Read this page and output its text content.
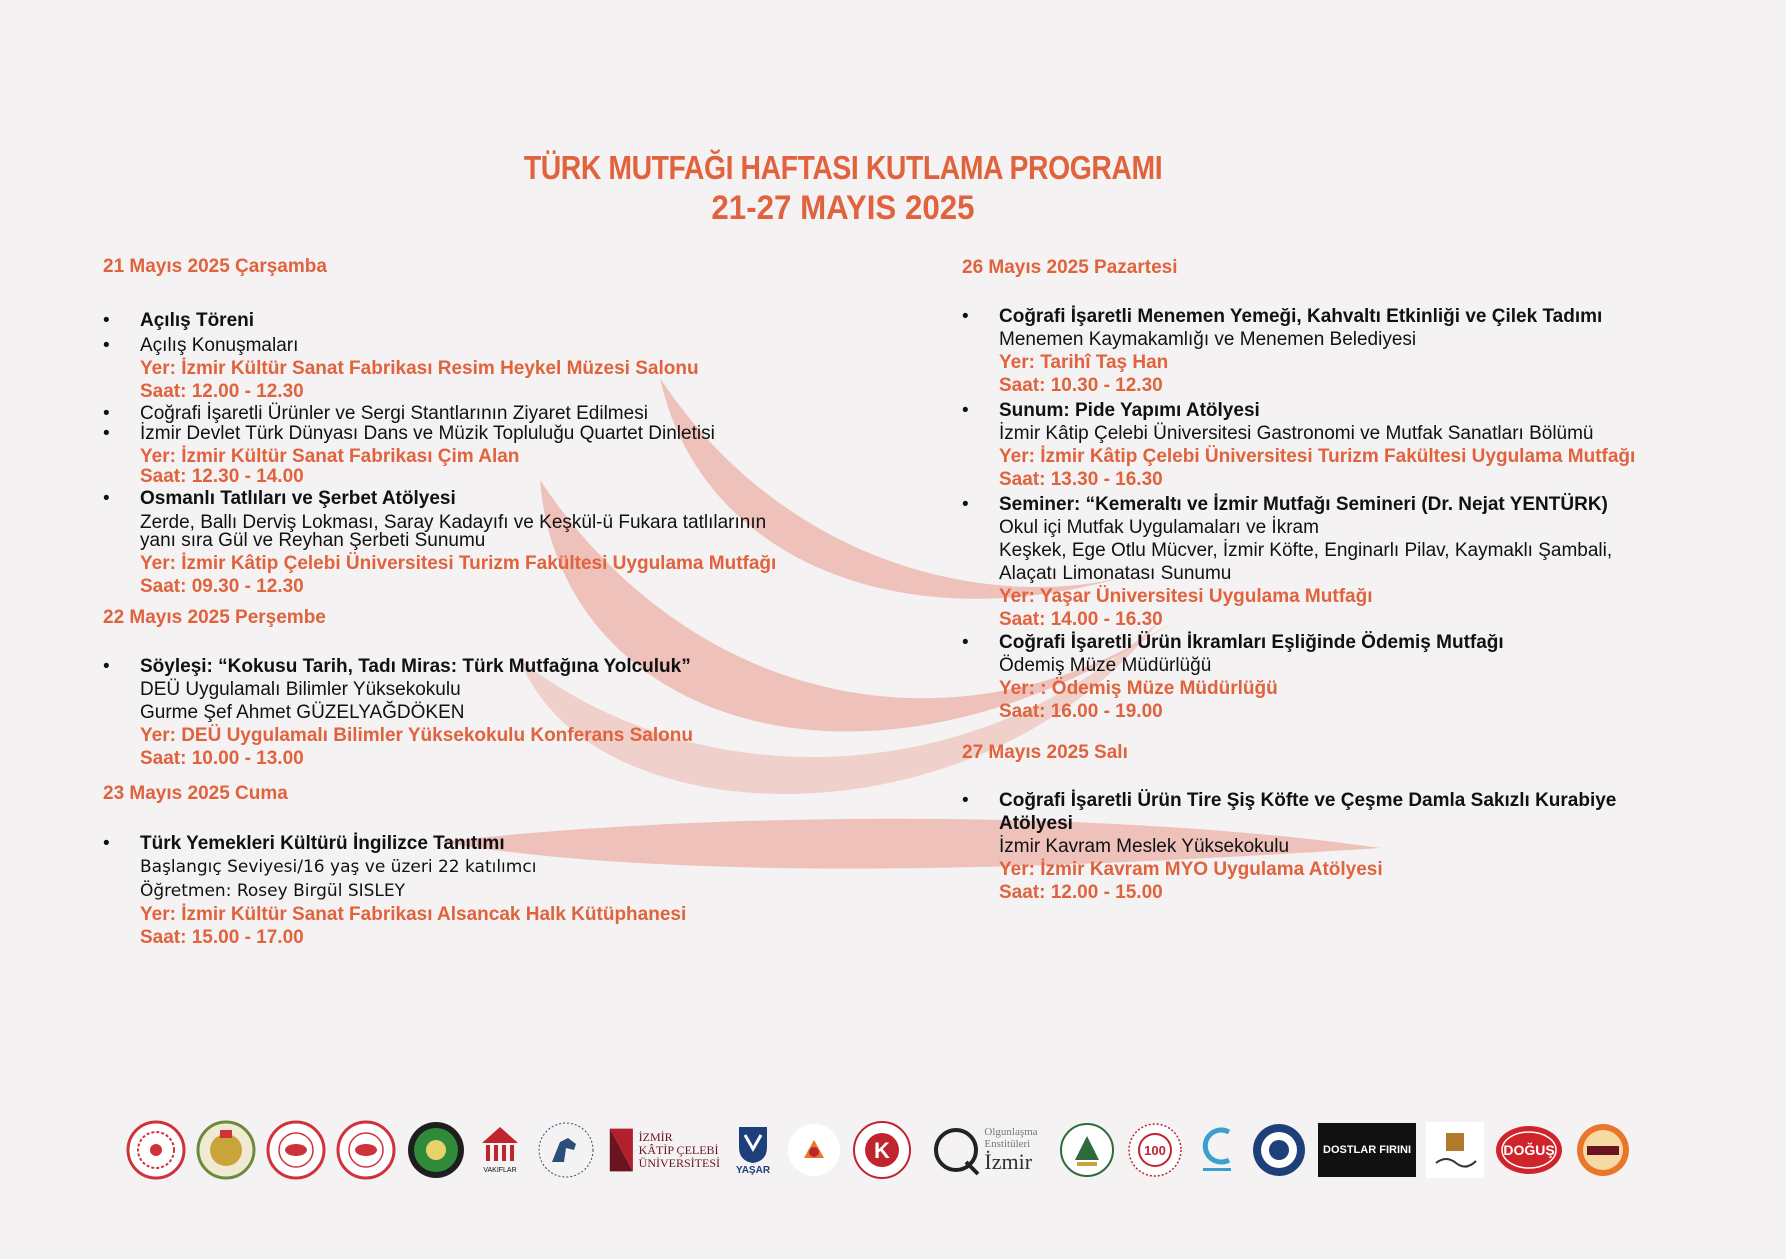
TÜRK MUTFAĞI HAFTASI KUTLAMA PROGRAMI
21-27 MAYIS 2025
21 Mayıs 2025 Çarşamba
• Açılış Töreni
• Açılış Konuşmaları
Yer: İzmir Kültür Sanat Fabrikası Resim Heykel Müzesi Salonu
Saat: 12.00 - 12.30
• Coğrafi İşaretli Ürünler ve Sergi Stantlarının Ziyaret Edilmesi
• İzmir Devlet Türk Dünyası Dans ve Müzik Topluluğu Quartet Dinletisi
Yer: İzmir Kültür Sanat Fabrikası Çim Alan
Saat: 12.30 - 14.00
• Osmanlı Tatlıları ve Şerbet Atölyesi
Zerde, Ballı Derviş Lokması, Saray Kadayıfı ve Keşkül-ü Fukara tatlılarının
yanı sıra Gül ve Reyhan Şerbeti Sunumu
Yer: İzmir Kâtip Çelebi Üniversitesi Turizm Fakültesi Uygulama Mutfağı
Saat: 09.30 - 12.30
22 Mayıs 2025 Perşembe
• Söyleşi: “Kokusu Tarih, Tadı Miras: Türk Mutfağına Yolculuk”
DEÜ Uygulamalı Bilimler Yüksekokulu
Gurme Şef Ahmet GÜZELYAĞDÖKEN
Yer: DEÜ Uygulamalı Bilimler Yüksekokulu Konferans Salonu
Saat: 10.00 - 13.00
23 Mayıs 2025 Cuma
• Türk Yemekleri Kültürü İngilizce Tanıtımı
Başlangıç Seviyesi/16 yaş ve üzeri 22 katılımcı
Öğretmen: Rosey Birgül SISLEY
Yer: İzmir Kültür Sanat Fabrikası Alsancak Halk Kütüphanesi
Saat: 15.00 - 17.00
26 Mayıs 2025 Pazartesi
• Coğrafi İşaretli Menemen Yemeği, Kahvaltı Etkinliği ve Çilek Tadımı
Menemen Kaymakamlığı ve Menemen Belediyesi
Yer: Tarihî Taş Han
Saat: 10.30 - 12.30
• Sunum: Pide Yapımı Atölyesi
İzmir Kâtip Çelebi Üniversitesi Gastronomi ve Mutfak Sanatları Bölümü
Yer: İzmir Kâtip Çelebi Üniversitesi Turizm Fakültesi Uygulama Mutfağı
Saat: 13.30 - 16.30
• Seminer: “Kemeraltı ve İzmir Mutfağı Semineri (Dr. Nejat YENTÜRK)
Okul içi Mutfak Uygulamaları ve İkram
Keşkek, Ege Otlu Mücver, İzmir Köfte, Enginarlı Pilav, Kaymaklı Şambali,
Alaçatı Limonatası Sunumu
Yer: Yaşar Üniversitesi Uygulama Mutfağı
Saat: 14.00 - 16.30
• Coğrafi İşaretli Ürün İkramları Eşliğinde Ödemiş Mutfağı
Ödemiş Müze Müdürlüğü
Yer: : Ödemiş Müze Müdürlüğü
Saat: 16.00 - 19.00
27 Mayıs 2025 Salı
• Coğrafi İşaretli Ürün Tire Şiş Köfte ve Çeşme Damla Sakızlı Kurabiye
Atölyesi
İzmir Kavram Meslek Yüksekokulu
Yer: İzmir Kavram MYO Uygulama Atölyesi
Saat: 12.00 - 15.00
VAKIFLAR
İZMİR
KÂTİP ÇELEBİ
ÜNİVERSİTESİ
YAŞAR
K
Olgunlaşma
Enstitüleri
İzmir	100	DOSTLAR FIRINI	DOĞUŞ
